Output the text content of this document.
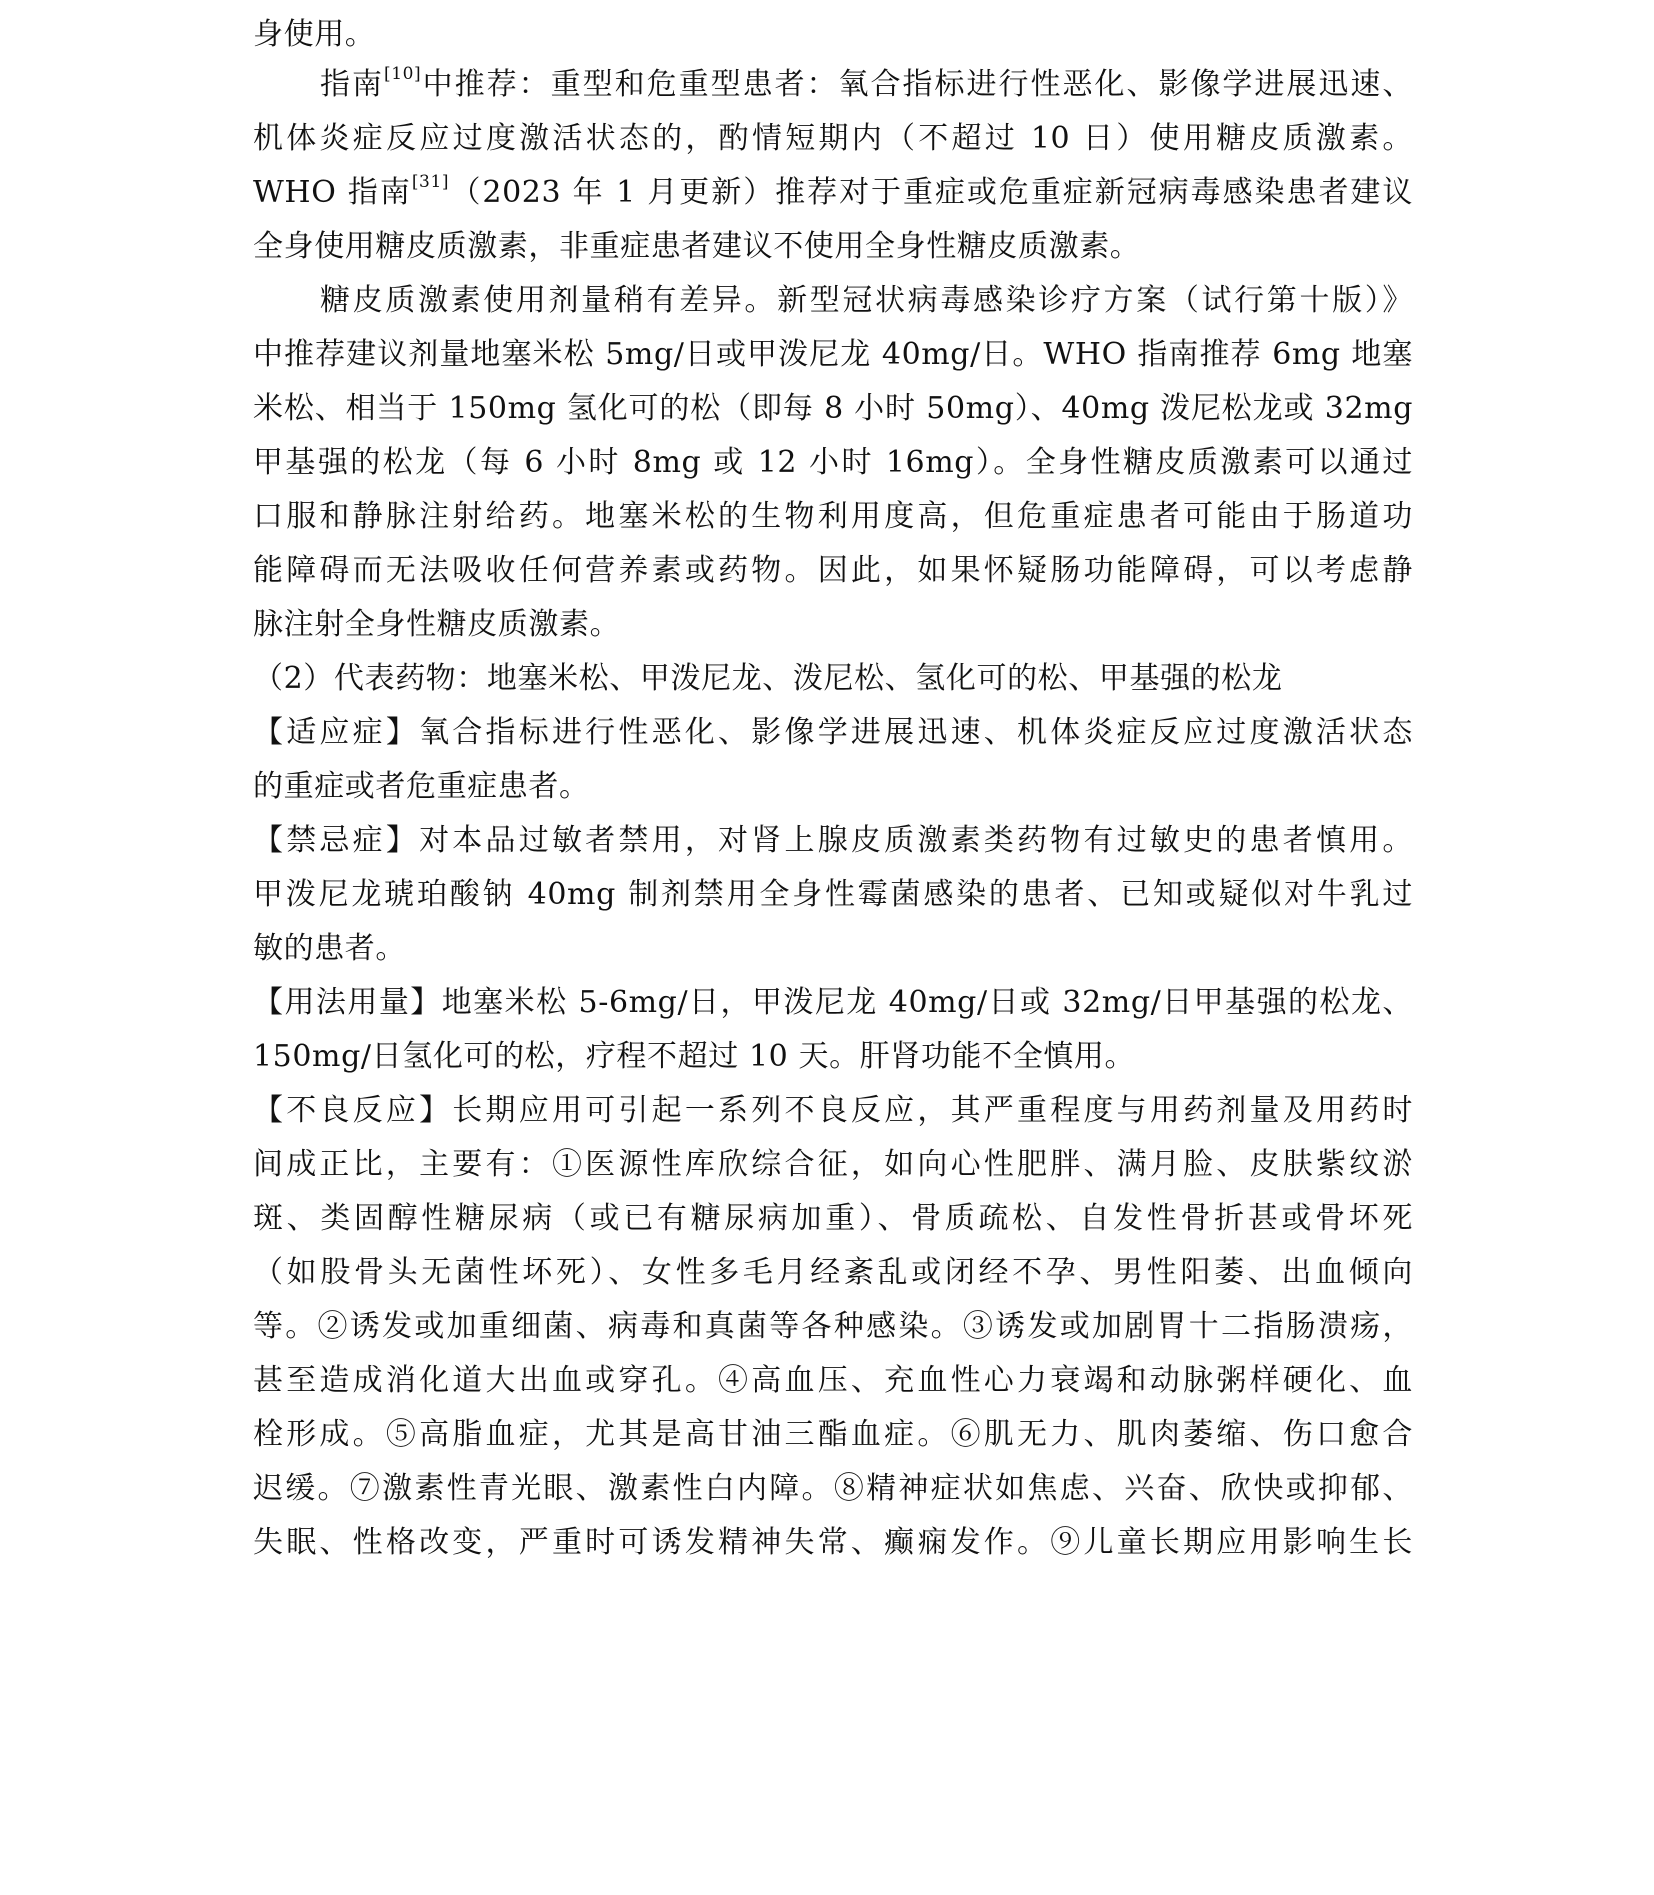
身使用。
指南[10]中推荐：重型和危重型患者：氧合指标进行性恶化、影像学进展迅速、
机体炎症反应过度激活状态的，酌情短期内（不超过 10 日）使用糖皮质激素。
WHO 指南[31]（2023 年 1 月更新）推荐对于重症或危重症新冠病毒感染患者建议
全身使用糖皮质激素，非重症患者建议不使用全身性糖皮质激素。
糖皮质激素使用剂量稍有差异。新型冠状病毒感染诊疗方案（试行第十版）》
中推荐建议剂量地塞米松 5mg/日或甲泼尼龙 40mg/日。WHO 指南推荐 6mg 地塞
米松、相当于 150mg 氢化可的松（即每 8 小时 50mg）、40mg 泼尼松龙或 32mg
甲基强的松龙（每 6 小时 8mg 或 12 小时 16mg）。全身性糖皮质激素可以通过
口服和静脉注射给药。地塞米松的生物利用度高，但危重症患者可能由于肠道功
能障碍而无法吸收任何营养素或药物。因此，如果怀疑肠功能障碍，可以考虑静
脉注射全身性糖皮质激素。
（2）代表药物：地塞米松、甲泼尼龙、泼尼松、氢化可的松、甲基强的松龙
【适应症】氧合指标进行性恶化、影像学进展迅速、机体炎症反应过度激活状态
的重症或者危重症患者。
【禁忌症】对本品过敏者禁用，对肾上腺皮质激素类药物有过敏史的患者慎用。
甲泼尼龙琥珀酸钠 40mg 制剂禁用全身性霉菌感染的患者、已知或疑似对牛乳过
敏的患者。
【用法用量】地塞米松 5-6mg/日，甲泼尼龙 40mg/日或 32mg/日甲基强的松龙、
150mg/日氢化可的松，疗程不超过 10 天。肝肾功能不全慎用。
【不良反应】长期应用可引起一系列不良反应，其严重程度与用药剂量及用药时
间成正比，主要有：①医源性库欣综合征，如向心性肥胖、满月脸、皮肤紫纹淤
斑、类固醇性糖尿病（或已有糖尿病加重）、骨质疏松、自发性骨折甚或骨坏死
（如股骨头无菌性坏死）、女性多毛月经紊乱或闭经不孕、男性阳萎、出血倾向
等。②诱发或加重细菌、病毒和真菌等各种感染。③诱发或加剧胃十二指肠溃疡，
甚至造成消化道大出血或穿孔。④高血压、充血性心力衰竭和动脉粥样硬化、血
栓形成。⑤高脂血症，尤其是高甘油三酯血症。⑥肌无力、肌肉萎缩、伤口愈合
迟缓。⑦激素性青光眼、激素性白内障。⑧精神症状如焦虑、兴奋、欣快或抑郁、
失眠、性格改变，严重时可诱发精神失常、癫痫发作。⑨儿童长期应用影响生长
